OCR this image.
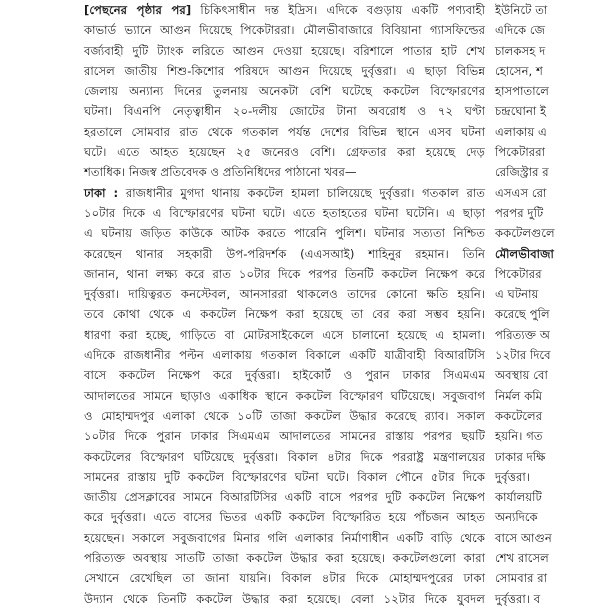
[পেছনের পৃষ্ঠার পর] চিকিৎসাধীন দন্ত ইদ্রিস। এদিকে বগুড়ায় একটি পণ্যবাহী
কাভার্ড ভ্যানে আগুন দিয়েছে পিকেটাররা। মৌলভীবাজারে বিবিয়ানা গ্যাসফিল্ডের
বর্জ্যবাহী দুটি ট্যাংক লরিতে আগুন দেওয়া হয়েছে। বরিশালে পাতার হাট শেখ
রাসেল জাতীয় শিশু-কিশোর পরিষদে আগুন দিয়েছে দুর্বৃত্তরা। এ ছাড়া বিভিন্ন
জেলায় অন্যান্য দিনের তুলনায় অনেকটা বেশি ঘটেছে ককটেল বিস্ফোরণের
ঘটনা। বিএনপি নেতৃত্বাধীন ২০-দলীয় জোটের টানা অবরোধ ও ৭২ ঘণ্টা
হরতালে সোমবার রাত থেকে গতকাল পর্যন্ত দেশের বিভিন্ন স্থানে এসব ঘটনা
ঘটে। এতে আহত হয়েছেন ২৫ জনেরও বেশি। গ্রেফতার করা হয়েছে দেড়
শতাধিক। নিজস্ব প্রতিবেদক ও প্রতিনিধিদের পাঠানো খবর—
ঢাকা : রাজধানীর মুগদা থানায় ককটেল হামলা চালিয়েছে দুর্বৃত্তরা। গতকাল রাত
১০টার দিকে এ বিস্ফোরণের ঘটনা ঘটে। এতে হতাহতের ঘটনা ঘটেনি। এ ছাড়া
এ ঘটনায় জড়িত কাউকে আটক করতে পারেনি পুলিশ। ঘটনার সত্যতা নিশ্চিত
করেছেন থানার সহকারী উপ-পরিদর্শক (এএসআই) শাহিনুর রহমান। তিনি
জানান, থানা লক্ষ্য করে রাত ১০টার দিকে পরপর তিনটি ককটেল নিক্ষেপ করে
দুর্বৃত্তরা। দায়িত্বরত কনস্টেবল, আনসাররা থাকলেও তাদের কোনো ক্ষতি হয়নি।
তবে কোথা থেকে এ ককটেল নিক্ষেপ করা হয়েছে তা বের করা সম্ভব হয়নি।
ধারণা করা হচ্ছে, গাড়িতে বা মোটরসাইকেলে এসে চালানো হয়েছে এ হামলা।
এদিকে রাজধানীর পল্টন এলাকায় গতকাল বিকালে একটি যাত্রীবাহী বিআরটিসি
বাসে ককটেল নিক্ষেপ করে দুর্বৃত্তরা। হাইকোর্ট ও পুরান ঢাকার সিএমএম
আদালতের সামনে ছাড়াও একাধিক স্থানে ককটেল বিস্ফোরণ ঘটিয়েছে। সবুজবাগ
ও মোহাম্মদপুর এলাকা থেকে ১০টি তাজা ককটেল উদ্ধার করেছে র‌্যাব। সকাল
১০টার দিকে পুরান ঢাকার সিএমএম আদালতের সামনের রাস্তায় পরপর ছয়টি
ককটেলের বিস্ফোরণ ঘটিয়েছে দুর্বৃত্তরা। বিকাল ৪টার দিকে পররাষ্ট্র মন্ত্রণালয়ের
সামনের রাস্তায় দুটি ককটেল বিস্ফোরণের ঘটনা ঘটে। বিকাল পৌনে ৫টার দিকে
জাতীয় প্রেসক্লাবের সামনে বিআরটিসির একটি বাসে পরপর দুটি ককটেল নিক্ষেপ
করে দুর্বৃত্তরা। এতে বাসের ভিতর একটি ককটেল বিস্ফোরিত হয়ে পাঁচজন আহত
হয়েছেন। সকালে সবুজবাগের মিনার গলি এলাকার নির্মাণাধীন একটি বাড়ি থেকে
পরিত্যক্ত অবস্থায় সাতটি তাজা ককটেল উদ্ধার করা হয়েছে। ককটেলগুলো কারা
সেখানে রেখেছিল তা জানা যায়নি। বিকাল ৪টার দিকে মোহাম্মদপুরের ঢাকা
উদ্যান থেকে তিনটি ককটেল উদ্ধার করা হয়েছে। বেলা ১২টার দিকে যুবদল
ইউনিটে তা
এদিকে জে
চালকসহ দ
হোসেন, শ
হাসপাতালে
চন্দ্রঘোনা ই
এলাকায় এ
পিকেটাররা
রেজিস্ট্রার র
এসএস রো
পরপর দুটি
ককটেলগুলে
মৌলভীবাজা
পিকেটারর
এ ঘটনায়
করেছে পুলি
পরিত্যক্ত অ
১২টার দিবে
অবস্থায় বো
নিৰ্মল কমি
ককটেলের
হয়নি। গত
ঢাকার দক্ষি
দুর্বৃত্তরা।
কার্যালয়টি
অন্যদিকে
বাসে আগুন
শেখ রাসেল
সোমবার রা
দুর্বৃত্তরা। ব
